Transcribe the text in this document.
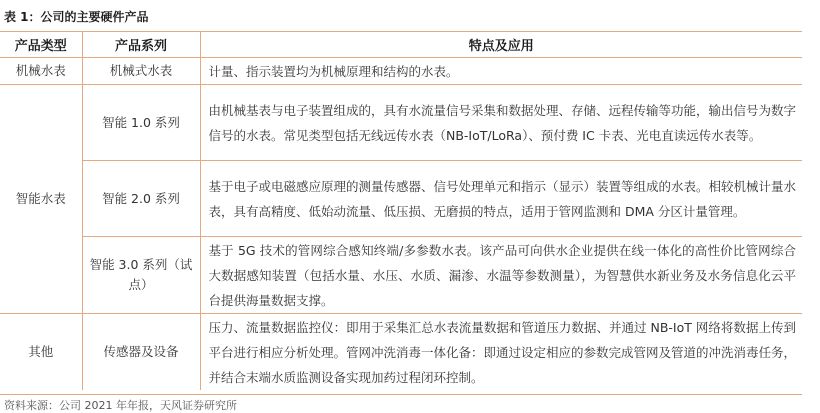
表 1：公司的主要硬件产品
产品类型	产品系列	特点及应用
机械水表	机械式水表	计量、指示装置均为机械原理和结构的水表。
智能水表	智能 1.0 系列	由机械基表与电子装置组成的，具有水流量信号采集和数据处理、存储、远程传输等功能，输出信号为数字信号的水表。常见类型包括无线远传水表（NB-IoT/LoRa）、预付费 IC 卡表、光电直读远传水表等。
	智能 2.0 系列	基于电子或电磁感应原理的测量传感器、信号处理单元和指示（显示）装置等组成的水表。相较机械计量水表，具有高精度、低始动流量、低压损、无磨损的特点，适用于管网监测和 DMA 分区计量管理。
	智能 3.0 系列（试点）	基于 5G 技术的管网综合感知终端/多参数水表。该产品可向供水企业提供在线一体化的高性价比管网综合大数据感知装置（包括水量、水压、水质、漏渗、水温等参数测量），为智慧供水新业务及水务信息化云平台提供海量数据支撑。
其他	传感器及设备	压力、流量数据监控仪：即用于采集汇总水表流量数据和管道压力数据、并通过 NB-IoT 网络将数据上传到平台进行相应分析处理。管网冲洗消毒一体化备：即通过设定相应的参数完成管网及管道的冲洗消毒任务，并结合末端水质监测设备实现加药过程闭环控制。
资料来源：公司 2021 年年报，天风证券研究所
